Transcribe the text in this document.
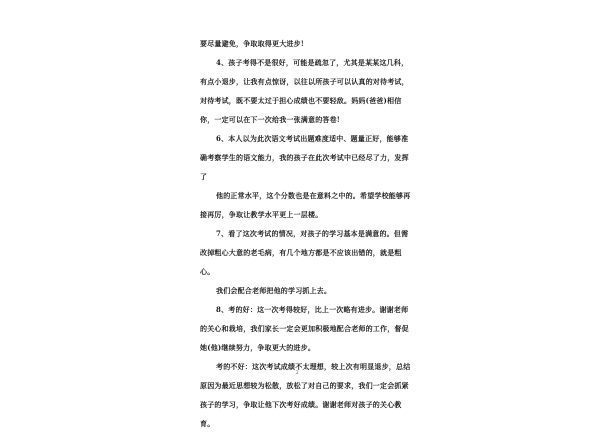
要尽量避免，争取取得更大进步!

4、孩子考得不是很好，可能是疏忽了，尤其是某某这几科，有点小退步，让我有点惊讶，以往以所孩子可以认真的对待考试，对待考试，既不要太过于担心成绩也不要轻敌。妈妈(爸爸)相信你，一定可以在下一次给我一张满意的答卷!

6、本人以为此次语文考试出题难度适中、题量正好，能够准确考察学生的语文能力，我的孩子在此次考试中已经尽了力，发挥了

他的正常水平，这个分数也是在意料之中的。希望学校能够再接再厉，争取让教学水平更上一层楼。

7、看了这次考试的情况，对孩子的学习基本是满意的。但需改掉粗心大意的老毛病，有几个地方都是不应该出错的，就是粗心。

我们会配合老师把他的学习抓上去。

8、考的好：这一次考得较好，比上一次略有进步。谢谢老师的关心和栽培，我们家长一定会更加积极地配合老师的工作，督促她(他)继续努力，争取更大的进步。

考的不好：这次考试成绩不太理想，较上次有明显退步，总结原因为最近思想较为松散，放松了对自己的要求，我们一定会抓紧孩子的学习，争取让他下次考好成绩。谢谢老师对孩子的关心教育。

2
